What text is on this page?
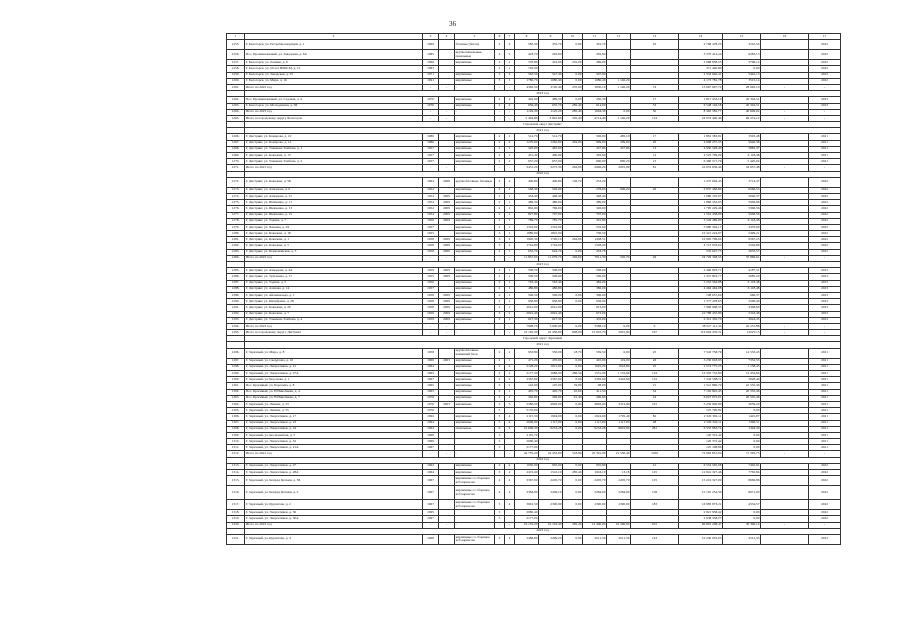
36
1	2	3	4	5	6	7	8	9	10	11	12	13	14	15	16	17
1255.	Г. Белогорск, ул. Потребкооперации, д. 1	1999		блочные (бетон)	2	2	585,30	335,70	0,00	325,70		16	2 768 478,25	3545,54		2022
1256.	Пос. Промышленный, ул. Заводская, д. 6А	1985		крупнопанельные, панельные	2	2	418,70	262,60		262,60			3 570 414,24	9283,13		2022
1257.	Г. Белогорск, ул. Ленина, д. 6	1966		кирпичные	2	1	570,80	322,00	235,00	286,00			2 068 858,25	3798,12		2022
1258.	Г. Белогорск, ул. 50 лет ВЛКСМ, д. 12	1983			2	1	720,00						371 440,80	0,00		2022
1259.	Г. Белогорск, ул. Заводская, д. 25	1971		кирпичные	2	2	563,50	547,40	0,00	507,60			2 334 940,41	5442,13		2022
1260.	Г. Белогорск, ул. Мира, д. 16	1991		кирпичные	3	1	1780,70	1680,40	0,00	1080,40	1 140,20		4 173 782,78	3515,14		2022
1261.	Итого по 2022 год	-	-	-	-	-	4365,50	3720,40	235,00	3650,10	1 140,20	74	15 667 907,72	28 665,10	-	-
	2023 год															
1262.	Пос. Промышленный, ул. Садовая, д. 4	1970		кирпичные	2	2	492,90	489,50	0,00	450,30		17	1 817 433,19	20 304,51		2023
1263.	Г. Белогорск, ул. Молодежная, д. 3Б	1970		кирпичные	2	2	636,40	635,70	285,40	614,00		33	6 548 149,58	20 304,51		2023
1264.	Итого по 2023 год	-	-	-	-	-	1129,30	1125,20	285,40	1064,30	0,00	50	8 365 582,77	40 609,02	-	-
1265.	Итого по городскому округу Белогорск	-	-	-	-	-	5 494,80	4 845,60	520,40	4714,40	1 140,20	124	24 033 490,49	69 274,12	-	-
	Городской округ Дистрикт															
	2021 год															
1266.	Г. Дистрикт, ул. Комарова, д. 10	1986		кирпичные	2	2	512,70	512,70		506,00	485,10	17	1 881 383,81	3593,48		2021
1267.	Г. Дистрикт, ул. Комарова, д. 12	1986		кирпичные	2	2	1270,60	1262,60	262,00	999,00	209,00	26	4 608 257,35	5646,38		2021
1268.	Г. Дистрикт, ул. Ульянова Тамбова, д. 1	1957		кирпичные	2	1	520,00	467,00		457,60	457,60	13	4 950 328,40	5882,37		2021
1269.	Г. Дистрикт, ул. Ковалева, д. 13	1957		кирпичные	2	1	431,40	409,00		392,60		12	4 525 709,00	6 118,48		2021
1270.	Г. Дистрикт, ул. Ульянова Тамбова, д. 2	1957		кирпичные	2	2	637,20	637,00		600,00	600,20	13	6 460 571,79	5 420,04		2021
1271.	Итого по 2021 год	-	-	-	-	-	3431,20	3275,30	262,00	2946,20	2091,90	81	22 653 659,44	43 657,48	-	-
	2022 год															
1272.	Г. Дистрикт, ул. Ковалева, д. 5Б	1964	2008	крупноблочные, блочные	2	2	400,80	400,80	136,70	253,20			1 237 604,43	3714,47		2022
1273.	Г. Дистрикт, ул. Ахмадова, д. 6	1954		кирпичные	2	1	548,30	549,00		276,00	600,20	26	2 837 466,84	6566,53		2022
1274.	Г. Дистрикт, ул. Ахмадова, д. 13	1954	2009	кирпичные	2	1	454,40	448,40		448,40			1 080 105,97	5046,37		2022
1275.	Г. Дистрикт, ул. Шевченко, д. 11	1954	2009	кирпичные	2	1	489,30	489,00		489,00			1 866 352,65	5936,96		2022
1276.	Г. Дистрикт, ул. Шевченко, д. 13	1954	2009	кирпичные	2	1	802,90	796,00		326,00			1 795 229,46	5306,56		2022
1277.	Г. Дистрикт, ул. Шевченко, д. 15	1954	2009	кирпичные	2	1	827,80	797,00		797,00			1 516 458,00	5006,56		2022
1278.	Г. Дистрикт, ул. Тодина, д. 7	1956	2009	кирпичные	2	1	786,70	785,70		391,80			3 526 489,90	6 118,48		2022
1279.	Г. Дистрикт, ул. Чапаева, д. 29	1957		кирпичные	2	1	1316,00	1316,00		532,00			5 980 394,17	3476,90		2022
1280.	Г. Дистрикт, ул. Ковалева, д. 18	1955		кирпичные	3	1	1889,90	1810,00		706,50			10 421 224,97	5499,21		2022
1281.	Г. Дистрикт, ул. Ковалева, д. 1	1958	2009	кирпичные	3	2	1920,30	1720,10	262,00	1458,51			10 905 706,04	6567,25		2022
1282.	Г. Дистрикт, ул. Ковалева, д. 5	1958	2009	кирпичные	3	2	1744,80	1744,00		1528,00			4 713 976,62	2504,80		2022
1283.	Г. Дистрикт, ул. Первомайская, д. 3	1958	2009	кирпичные	2	1	632,70	624,70	0,00	434,76			576 647,73	2633,57		2022
1284.	Итого по 2022 год	-	-	-	-	-	11 837,00	11 079,70	436,00	7611,39	520,70	26	54 729 348,53	55 869,61	-	-
	2023 год															
1285.	Г. Дистрикт, ул. Ахмадова, д. 4А	1959	2009	кирпичные	2	1	506,50	506,00		506,00			2 490 803,71	4187,31		2023
1286.	Г. Дистрикт, ул. Тургенева, д. 17	1955	2009	кирпичные	2	1	506,50	506,00		506,00			1 457 803,77	2685,20		2023
1287.	Г. Дистрикт, ул. Тодина, д. 5	1956		кирпичные	2	1	763,40	563,40		484,00			5 253 564,88	6 118,48		2023
1288.	Г. Дистрикт, ул. Азизова, д. 14	1957		кирпичные	2	1	486,80	486,80		386,00			4 464 464,08	6 118,48		2023
1289.	Г. Дистрикт, ул. Айхенвальда, д. 1	1958	2009	кирпичные	2	1	506,50	506,00	0,00	306,00			108 657,64	966,37		2023
1290.	Г. Дистрикт, ул. Кипрбрина, д. 28	1958	2009	кирпичные	2	1	636,80	636,80	0,00	636,00			1 377 478,65	2506,40		2023
1291.	Г. Дистрикт, ул. Ковалева, д. 20	1958	2009	кирпичные	2	1	2041,00	2041,00		813,00			7 996 998,35	4308,60		2023
1292.	Г. Дистрикт, ул. Ковалева, д. 7	1959	2009	кирпичные	3	2	2091,40	2091,40		673,00			10 788 435,80	5318,48		2023
1293.	Г. Дистрикт, ул. Ульянова Тамбова, д. 4	1959	2009	кирпичные	2	1	627,30	627,30		432,00			2 312 302,70	3624,45		2023
1294.	Итого по 2023 год	-	-	-	-	-	7998,70	7,000,00	0,00	3588,10	0,00	0	38 527 112,34	45 251,88	-	-
1295.	Итого по городскому округу Дистрикт	-	-	-	-	-	23 165,30	22 456,90	698,00	15 025,70	2091,90	107	116 904 476,31	145251,5	-	-
	Городской округ Заречный															
	2021 год															
1296.	Г. Заречный, ул. Мира, д. 8	1958		крупноблочные, каменный блок	2	1	933,80	550,00	18,70	539,50	0,00	25	7 545 758,79	14 533,43		2021
1297.	Г. Заречный, ул. Свердлова, д. 10	1969	2003	кирпичные	2	1	471,20	470,60	0,00	410,00	119,00	26	3 230 618,93	7352,53		2021
1298.	Г. Заречный, ул. Энергетиков, д. 21	1964		кирпичные	2	2	2128,20	1612,00	0,00	1045,20	1043,80	25	2 574 775,23	1 138,45		2021
1299.	Г. Заречный, ул. Энергетиков, д. 27А	1964		кирпичные	2	2	2177,30	1686,00	286,30	1531,00	1 152,60	124	16 303 732,80	12 454,64		2021
1300.	Г. Заречный, ул. Королева, д. 1	1967		кирпичные	2	2	2367,60	2367,00	0,00	2362,00	2342,60	152	7 242 508,11	3028,40		2021
1301.	Пос. Красивый, ул. Королева, д. 8	1965		кирпичные	2	2	142,00	107,00	76,80	98,00		21	1 521 866,79	10 535,46		2021
1302.	Пос. Красивый, ул. Н.Никобиева, д. 4	1965		кирпичные	2	1	405,70	405,70	45,60	411,50		34	7 102 845,45	20 535,46		2021
1303.	Пос. Красивый, ул. Н.Никобиева, д. 7	1976		кирпичные	2	1	346,80	349,00	91,40	400,60		24	6 627 672,01	20 535,46		2021
1304.	Г. Заречный, ул. Ленина, д. 33	1976	2003	кирпичные	5	5	5386,50	4826,00	0,00	4826,00	3314,90	191	5 259 990,80	3059,24		2021
1305.	Г. Заречный, ул. Ленина, д. 35	1976			5		5170,00						125 796,82	0,00		2021
1306.	Г. Заречный, ул. Энергетиков, д. 17	1994		кирпичные	5	4	2115,30	1994,00	0,00	1924,00	1795,40	82	2 320 302,11	1445,87		2021
1307.	Г. Заречный, ул. Энергетиков, д. 23	1994		кирпичные	5	4	2096,00	1117,00	0,00	1117,00	1117,00	48	2 320 342,11	1396,51		2021
1308.	Г. Заречный, ул. Энергетиков, д. 24	1994		панельные	9	4	10 699,30	6253,28	0,00	6253,28	8622,90	281	6 535 963,74	1394,30		2021
1309.	Г. Заречный, ул. Космонавтов, д. 5	1996			5		2110,70						120 372,42	0,00		2021
1310.	Г. Заречный, ул. Энергетиков, д. 32	1996			5		2060,40						120 372,42	0,00		2021
1311.	Г. Заречный, ул. Энергетиков, д. 21А	1997			5		2177,00						125 198,86	0,00		2021
1312.	Итого по 2021 год	-	-	-	-	-	44 735,20	24 452,60	518,80	25 391,00	21 530,40	1036	72 862 851,04	71 592,75	-	-
	2022 год															
1313.	Г. Заречный, ул. Энергетиков, д. 27	1963		кирпичные	2	2	1050,00	905,00	0,00	935,80		41	6 554 565,08	7402,91		2022
1314.	Г. Заречный, ул. Энергетиков, д. 28А	1964		кирпичные	3	2	2474,40	1510,10	285,40	1616,10	13,18	125	12 841 327,46	7765,84		2022
1315.	Г. Заречный, ул. Конрад Цеткин, д. 3Б	1967		кирпичные со сборным ж/б каркасом	4	4	3367,00	2205,70	0,00	2205,70	2205,70	125	15 216 327,00	8669,86		2022
1316.	Г. Заречный, ул. Конрад Цеткин, д. 5	1967		кирпичные со сборным ж/б каркасом	4	4	3384,90	2206,10	0,00	2284,00	2284,90	158	15 191 234,30	8671,00		2022
1317.	Г. Заречный, ул. Курчатова, д. 2	1967		кирпичные со сборным ж/б каркасом	5	4	3691,50	2300,90	0,00	2300,00	2300,00	183	16 985 873,21	4534,57		2022
1318.	Г. Заречный, ул. Энергетиков, д. 30	1995			5		2080,40						2 821 958,42	0,00		2022
1319.	Г. Заречный, ул. Энергетиков, д. 30А	1997			5		2177,00						2 038 338,27	0,00		2022
1320.	Итого по 2022 год	-	-	-	-	-	19 135,20	10 193,40	285,40	12 400,00	10 260,60	615	69 891 298,47	30 396,14	-	-
	2023 год															
1321.	Г. Заречный, ул. Курчатова, д. 4	1968		кирпичные со сборным ж/б каркасом	5	4	3486,60	2299,20	0,00	2011,50	2011,50	143	10 230 035,65	4512,33		2023
